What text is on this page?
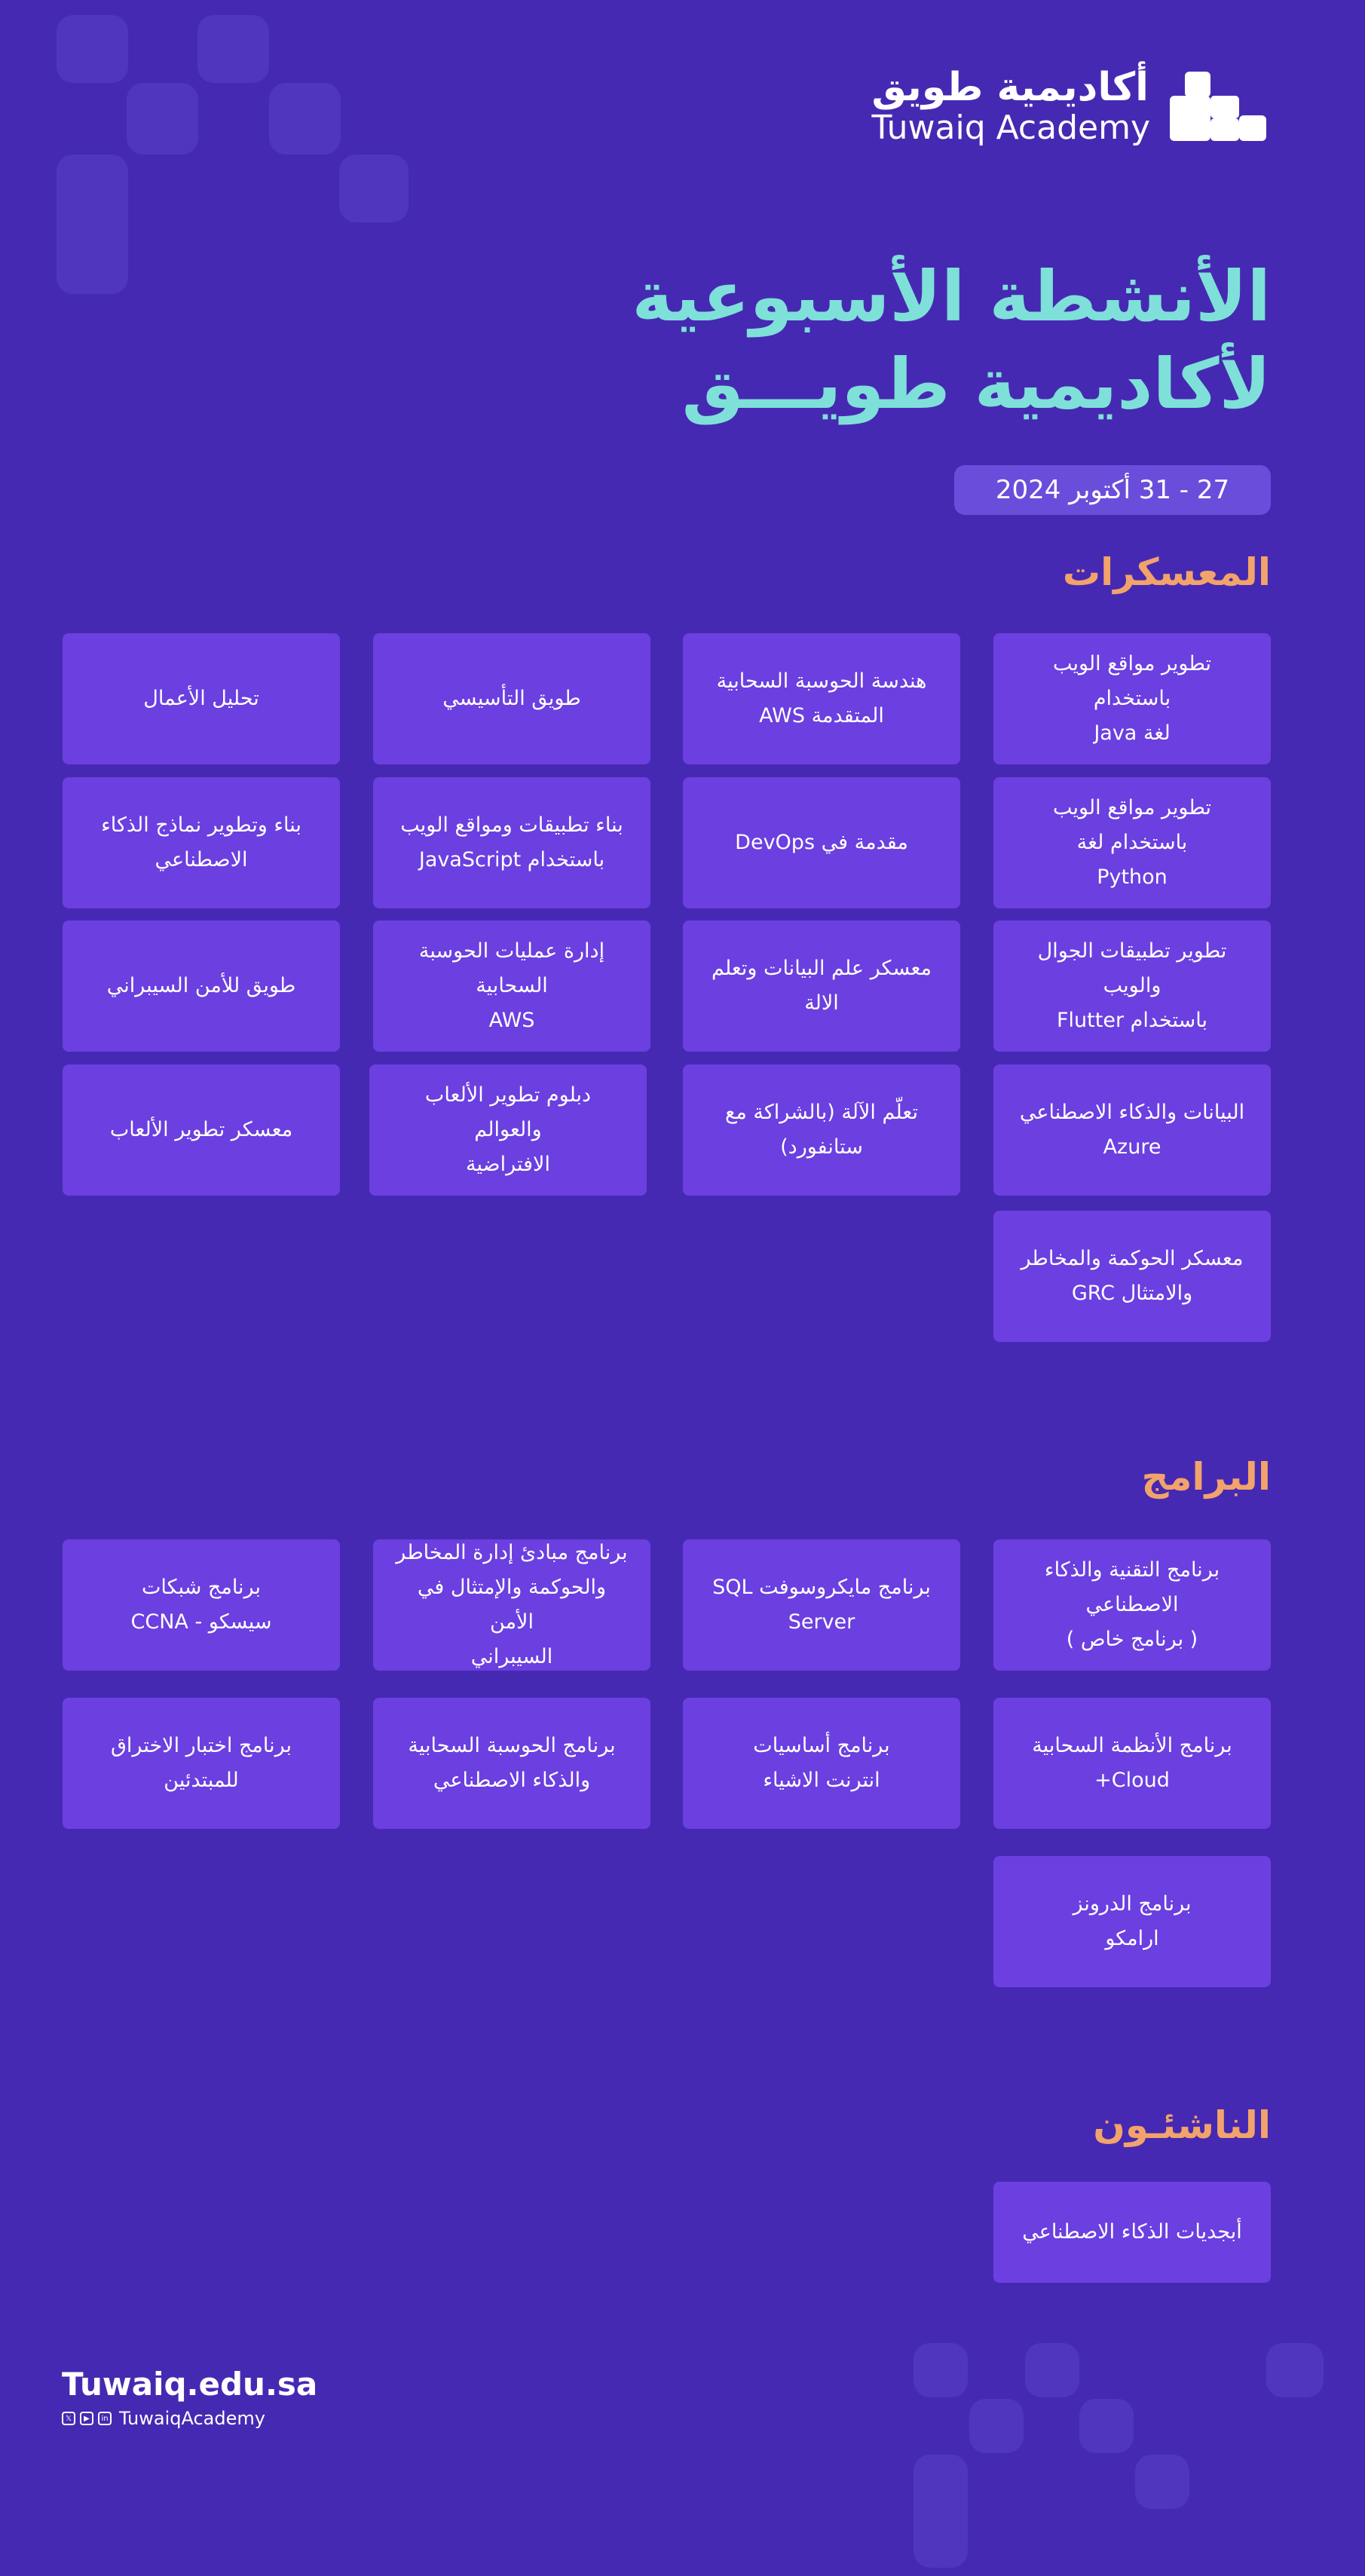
أكاديمية طويق
Tuwaiq Academy
الأنشطة الأسبوعية
لأكاديمية طويـــق
27 - 31 أكتوبر 2024
المعسكرات
تطوير مواقع الويب باستخدام
لغة Java
هندسة الحوسبة السحابية
المتقدمة AWS
طويق التأسيسي
تحليل الأعمال
تطوير مواقع الويب باستخدام لغة
Python
مقدمة في DevOps
بناء تطبيقات ومواقع الويب
باستخدام JavaScript
بناء وتطوير نماذج الذكاء
الاصطناعي
تطوير تطبيقات الجوال والويب
باستخدام Flutter
معسكر علم البيانات وتعلم الالة
إدارة عمليات الحوسبة السحابية
AWS
طويق للأمن السيبراني
البيانات والذكاء الاصطناعي
Azure
تعلّم الآلة (بالشراكة مع ستانفورد)
دبلوم تطوير الألعاب والعوالم
الافتراضية
معسكر تطوير الألعاب
معسكر الحوكمة والمخاطر
والامتثال GRC
البرامج
برنامج التقنية والذكاء الاصطناعي
( برنامج خاص )
برنامج مايكروسوفت SQL
Server
برنامج مبادئ إدارة المخاطر
والحوكمة والإمتثال في الأمن
السيبراني
برنامج شبكات
سيسكو - CCNA
برنامج الأنظمة السحابية
Cloud+
برنامج أساسيات
انترنت الاشياء
برنامج الحوسبة السحابية
والذكاء الاصطناعي
برنامج اختبار الاختراق
للمبتدئين
برنامج الدرونز
ارامكو
الناشئـون
أبجديات الذكاء الاصطناعي
Tuwaiq.edu.sa
𝕏	▶	in TuwaiqAcademy
